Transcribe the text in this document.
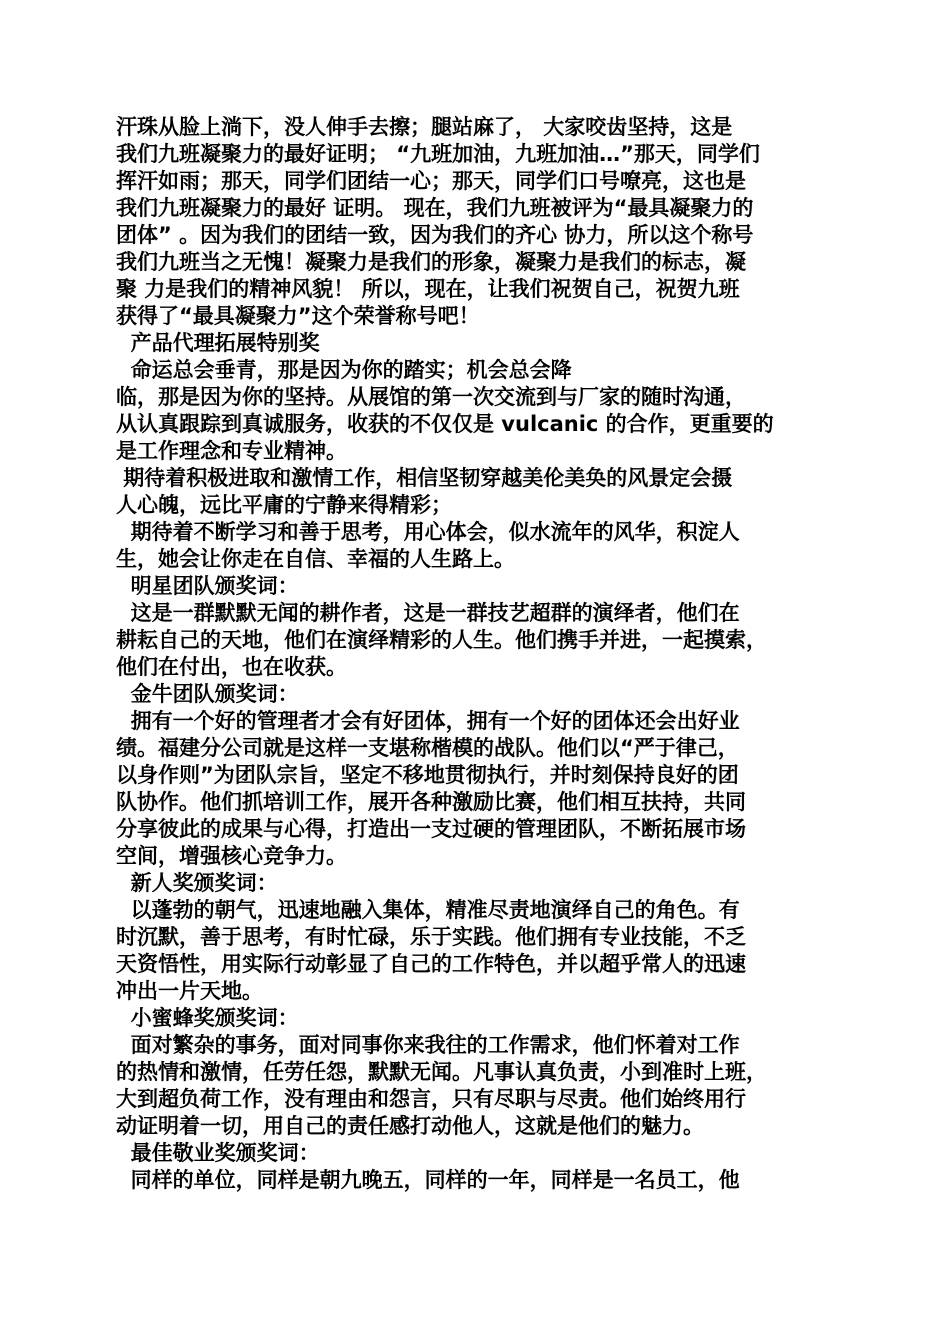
汗珠从脸上淌下，没人伸手去擦；腿站麻了， 大家咬齿坚持，这是
我们九班凝聚力的最好证明； “九班加油，九班加油…”那天，同学们
挥汗如雨；那天，同学们团结一心；那天，同学们口号嘹亮，这也是
我们九班凝聚力的最好 证明。 现在，我们九班被评为“最具凝聚力的
团体” 。因为我们的团结一致，因为我们的齐心 协力，所以这个称号
我们九班当之无愧！凝聚力是我们的形象，凝聚力是我们的标志，凝
聚 力是我们的精神风貌！ 所以，现在，让我们祝贺自己，祝贺九班
获得了“最具凝聚力”这个荣誉称号吧！
产品代理拓展特别奖
命运总会垂青，那是因为你的踏实；机会总会降
临，那是因为你的坚持。从展馆的第一次交流到与厂家的随时沟通，
从认真跟踪到真诚服务，收获的不仅仅是 vulcanic 的合作，更重要的
是工作理念和专业精神。
期待着积极进取和激情工作，相信坚韧穿越美伦美奂的风景定会摄
人心魄，远比平庸的宁静来得精彩；
期待着不断学习和善于思考，用心体会，似水流年的风华，积淀人
生，她会让你走在自信、幸福的人生路上。
明星团队颁奖词：
这是一群默默无闻的耕作者，这是一群技艺超群的演绎者，他们在
耕耘自己的天地，他们在演绎精彩的人生。他们携手并进，一起摸索，
他们在付出，也在收获。
金牛团队颁奖词：
拥有一个好的管理者才会有好团体，拥有一个好的团体还会出好业
绩。福建分公司就是这样一支堪称楷模的战队。他们以“严于律己，
以身作则”为团队宗旨，坚定不移地贯彻执行，并时刻保持良好的团
队协作。他们抓培训工作，展开各种激励比赛，他们相互扶持，共同
分享彼此的成果与心得，打造出一支过硬的管理团队，不断拓展市场
空间，增强核心竞争力。
新人奖颁奖词：
以蓬勃的朝气，迅速地融入集体，精准尽责地演绎自己的角色。有
时沉默，善于思考，有时忙碌，乐于实践。他们拥有专业技能，不乏
天资悟性，用实际行动彰显了自己的工作特色，并以超乎常人的迅速
冲出一片天地。
小蜜蜂奖颁奖词：
面对繁杂的事务，面对同事你来我往的工作需求，他们怀着对工作
的热情和激情，任劳任怨，默默无闻。凡事认真负责，小到准时上班，
大到超负荷工作，没有理由和怨言，只有尽职与尽责。他们始终用行
动证明着一切，用自己的责任感打动他人，这就是他们的魅力。
最佳敬业奖颁奖词：
同样的单位，同样是朝九晚五，同样的一年，同样是一名员工，他
